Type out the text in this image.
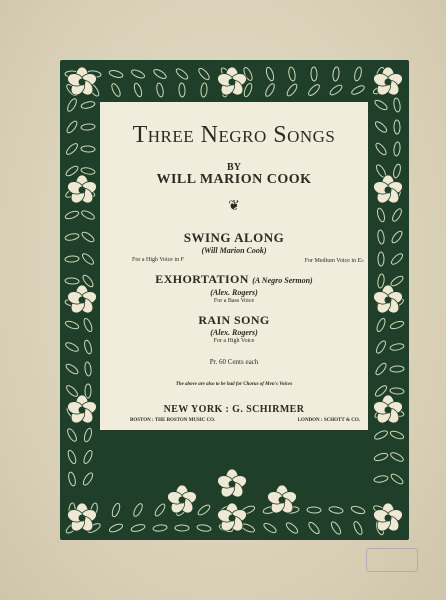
Three Negro Songs

BY

WILL MARION COOK

❦

SWING ALONG

(Will Marion Cook)

For a High Voice in F	For Medium Voice in E♭

EXHORTATION (A Negro Sermon)

(Alex. Rogers)

For a Bass Voice

RAIN SONG

(Alex. Rogers)

For a High Voice

Pr. 60 Cents each

The above are also to be had for Chorus of Men's Voices

NEW YORK : G. SCHIRMER

BOSTON : THE BOSTON MUSIC CO.	LONDON : SCHOTT & CO.
